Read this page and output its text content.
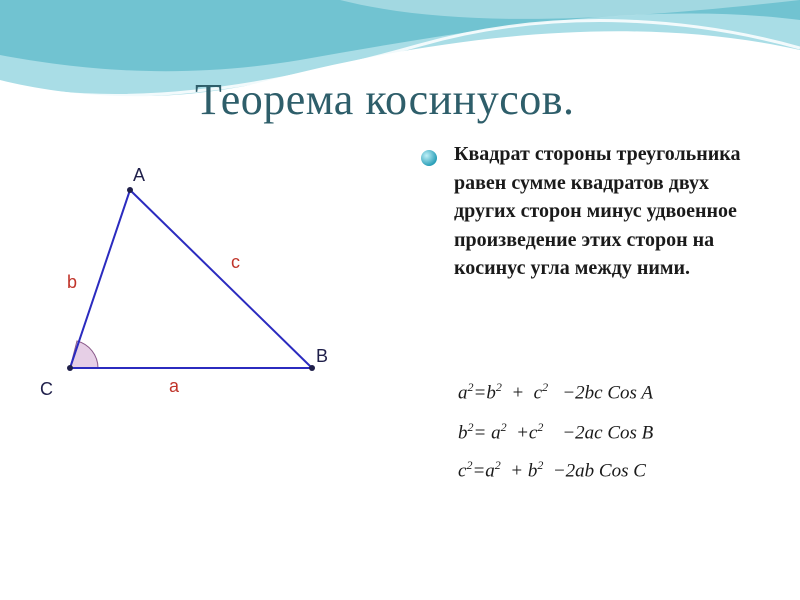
Теорема косинусов.
A
B
C
b
c
a
Квадрат стороны треугольника равен сумме квадратов двух других сторон минус удвоенное произведение этих сторон на косинус угла между ними.
$a^2=b^2 + c^2 -2bc$ Cos A
$b^2= a^2 +c^2 -2ac$ Cos B
$c^2=a^2 + b^2 -2ab$ Cos C
